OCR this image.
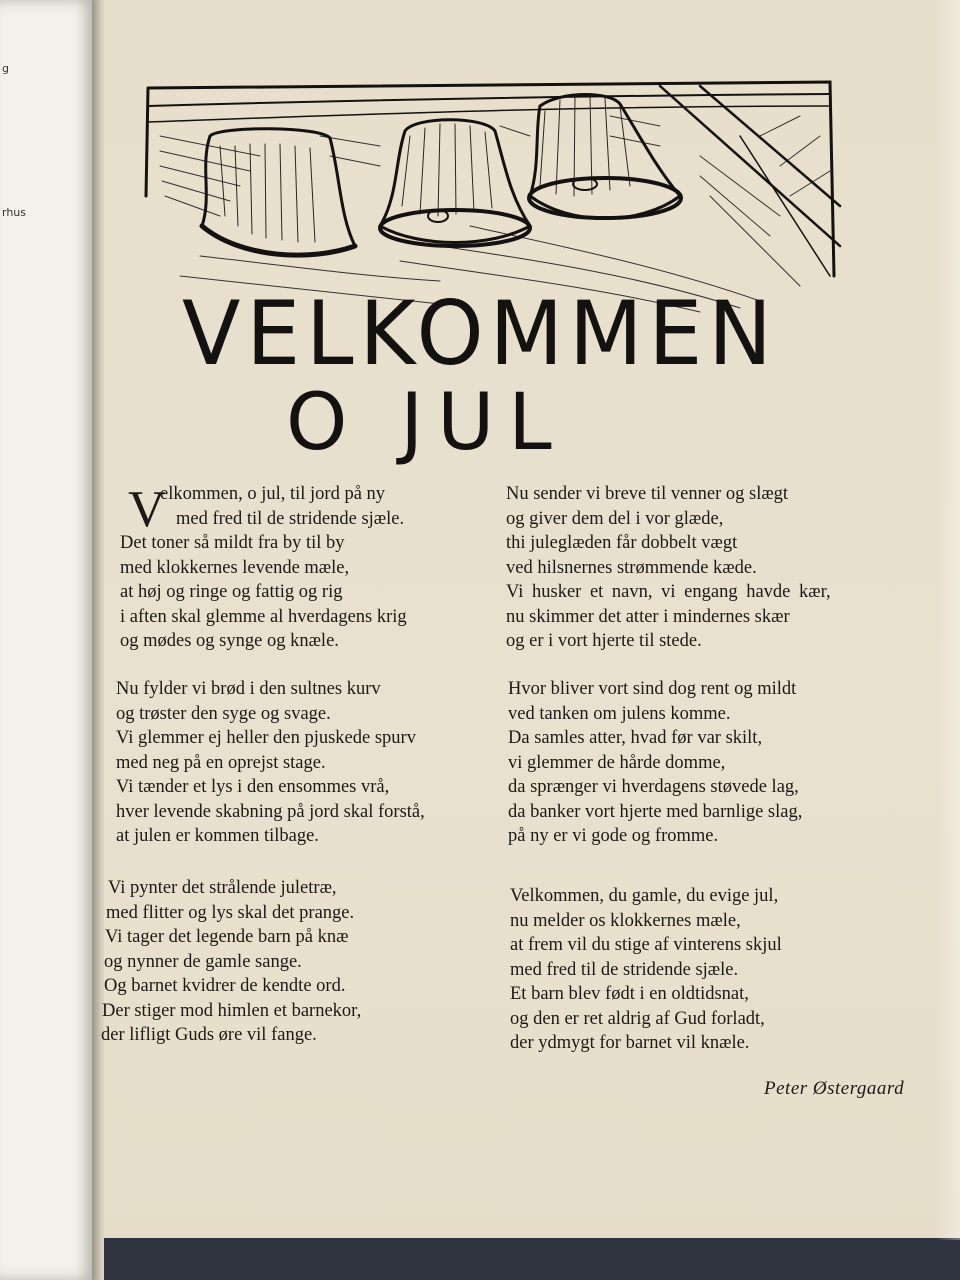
g
rhus
VELKOMMEN
O JUL
V
elkommen, o jul, til jord på ny
med fred til de stridende sjæle.
Det toner så mildt fra by til by
med klokkernes levende mæle,
at høj og ringe og fattig og rig
i aften skal glemme al hverdagens krig
og mødes og synge og knæle.
Nu fylder vi brød i den sultnes kurv
og trøster den syge og svage.
Vi glemmer ej heller den pjuskede spurv
med neg på en oprejst stage.
Vi tænder et lys i den ensommes vrå,
hver levende skabning på jord skal forstå,
at julen er kommen tilbage.
Vi pynter det strålende juletræ,
med flitter og lys skal det prange.
Vi tager det legende barn på knæ
og nynner de gamle sange.
Og barnet kvidrer de kendte ord.
Der stiger mod himlen et barnekor,
der lifligt Guds øre vil fange.
Nu sender vi breve til venner og slægt
og giver dem del i vor glæde,
thi juleglæden får dobbelt vægt
ved hilsnernes strømmende kæde.
Vi husker et navn, vi engang havde kær,
nu skimmer det atter i mindernes skær
og er i vort hjerte til stede.
Hvor bliver vort sind dog rent og mildt
ved tanken om julens komme.
Da samles atter, hvad før var skilt,
vi glemmer de hårde domme,
da sprænger vi hverdagens støvede lag,
da banker vort hjerte med barnlige slag,
på ny er vi gode og fromme.
Velkommen, du gamle, du evige jul,
nu melder os klokkernes mæle,
at frem vil du stige af vinterens skjul
med fred til de stridende sjæle.
Et barn blev født i en oldtidsnat,
og den er ret aldrig af Gud forladt,
der ydmygt for barnet vil knæle.
Peter Østergaard
